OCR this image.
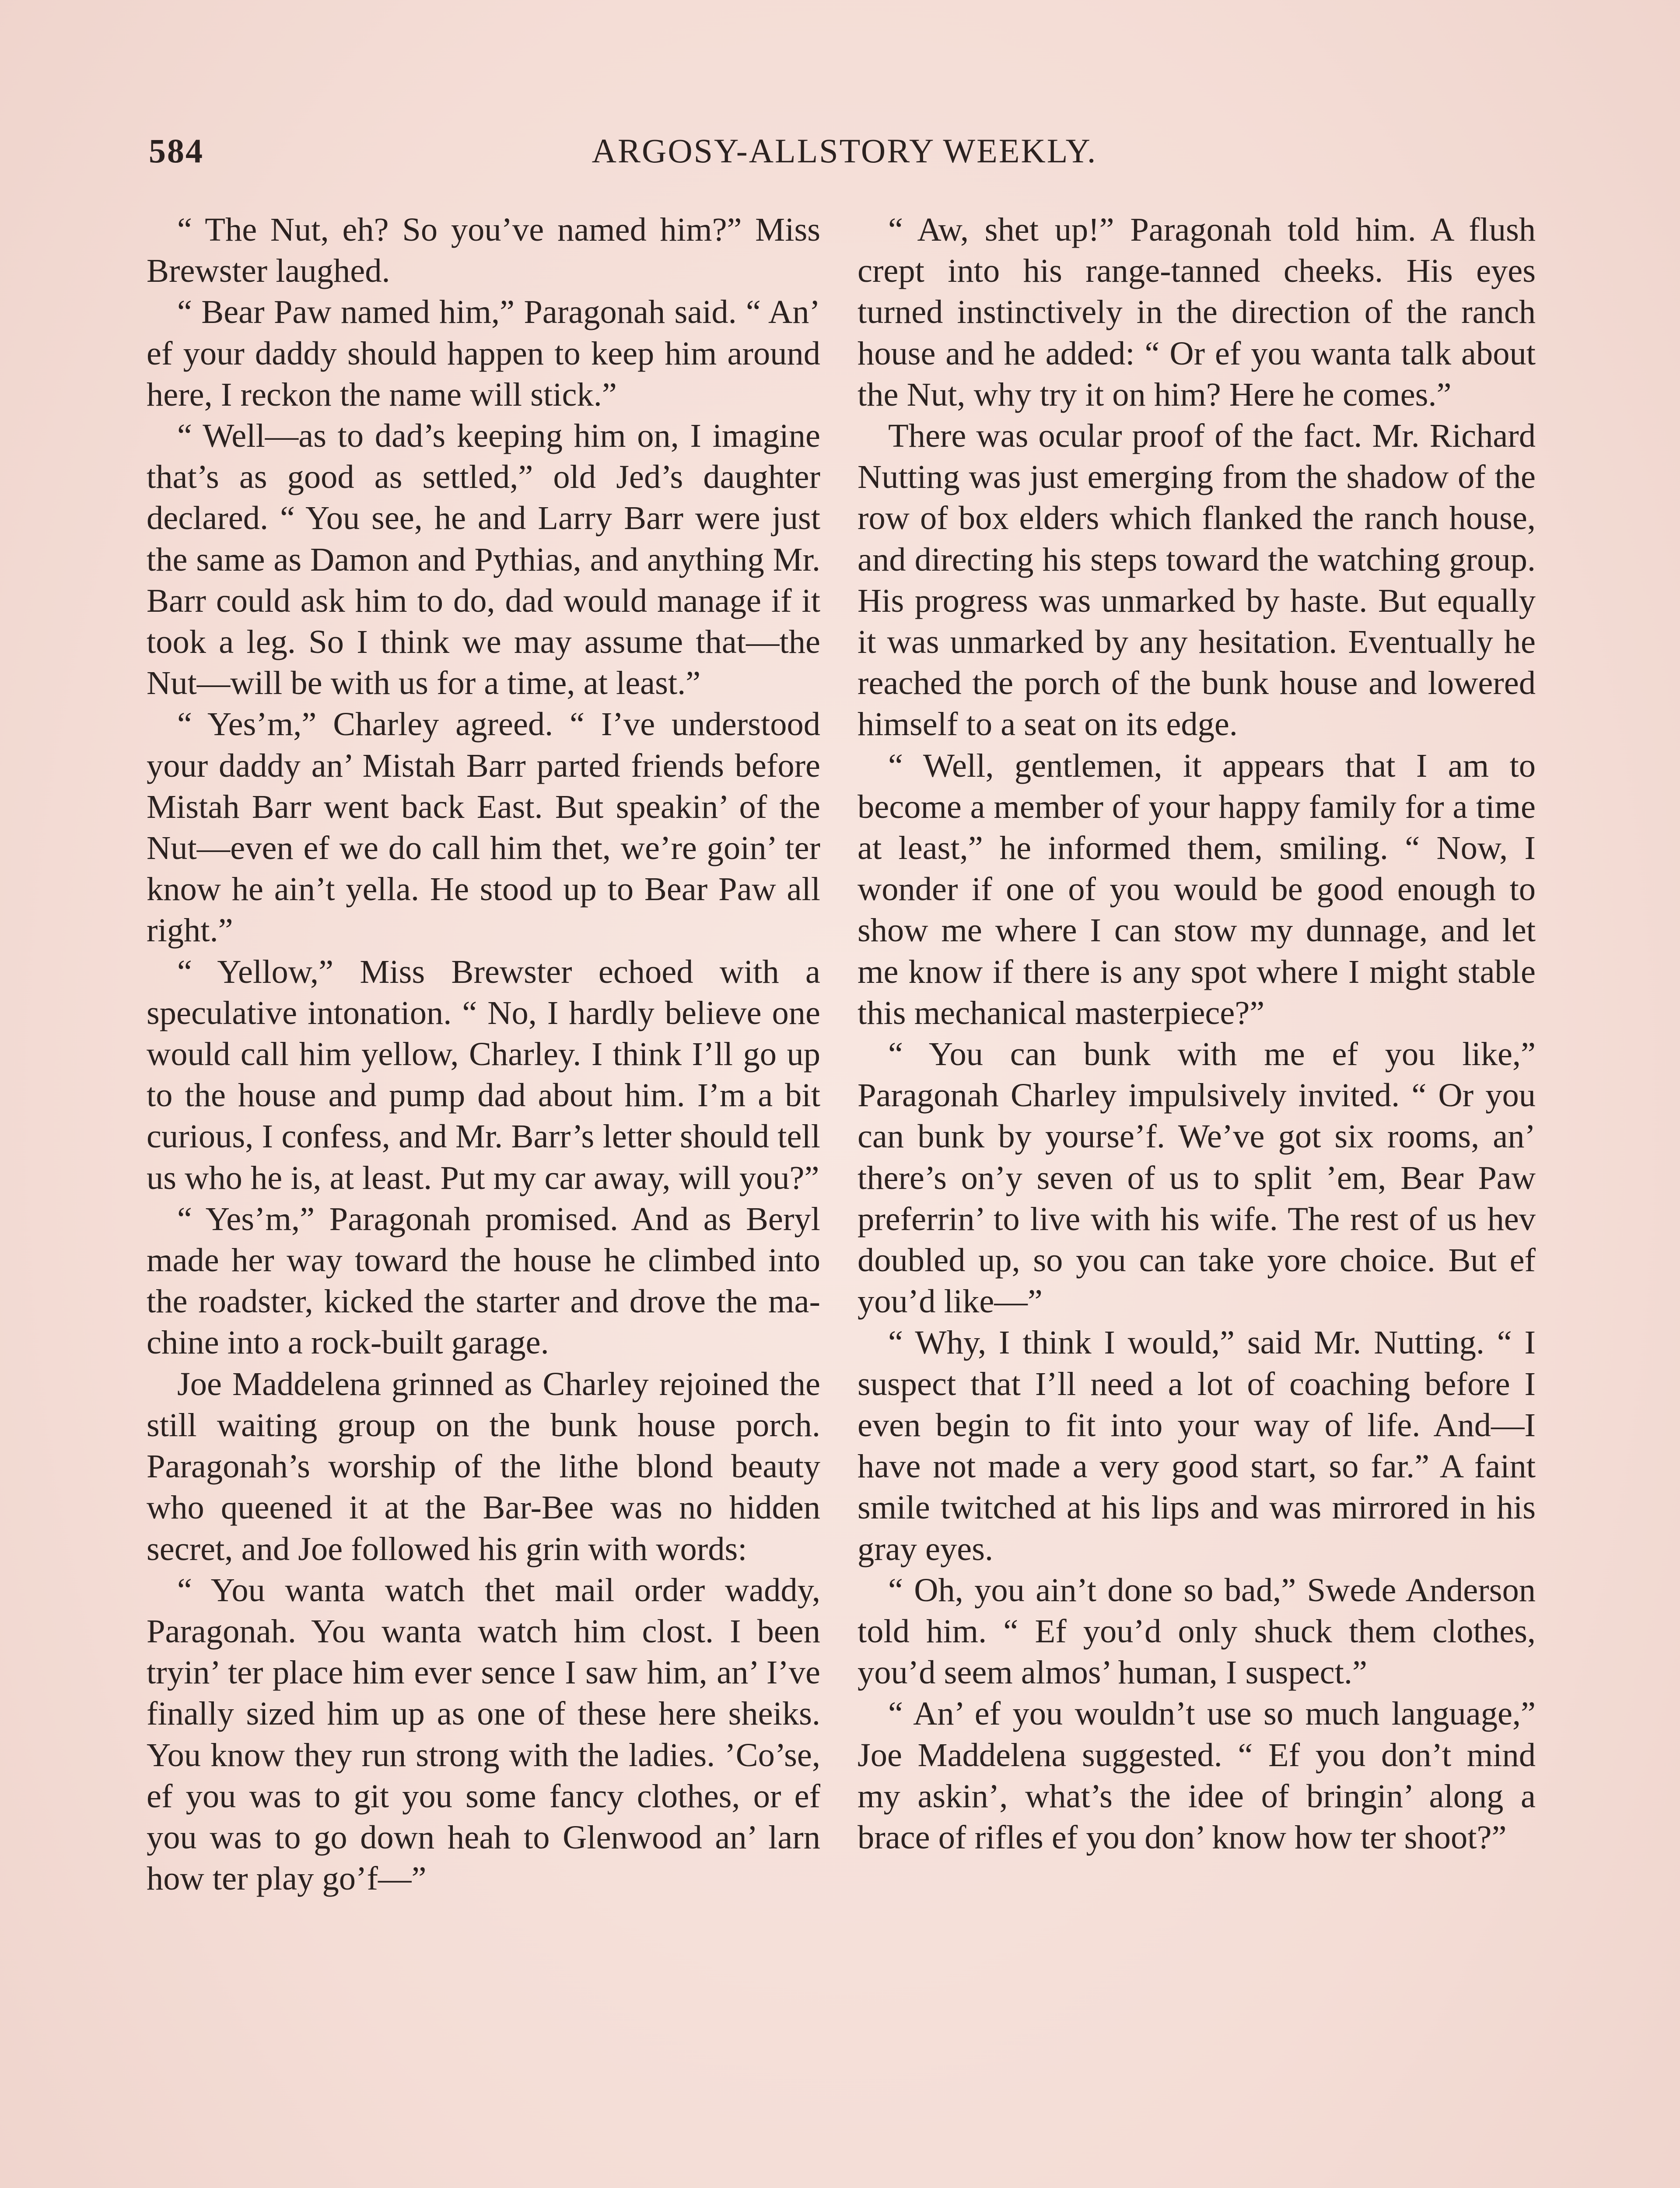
584	ARGOSY-ALLSTORY WEEKLY.

“ The Nut, eh? So you’ve named him?” Miss Brewster laughed.

“ Bear Paw named him,” Paragonah said. “ An’ ef your daddy should happen to keep him around here, I reckon the name will stick.”

“ Well—as to dad’s keeping him on, I imagine that’s as good as settled,” old Jed’s daughter declared. “ You see, he and Larry Barr were just the same as Damon and Pythias, and anything Mr. Barr could ask him to do, dad would manage if it took a leg. So I think we may assume that—the Nut—will be with us for a time, at least.”

“ Yes’m,” Charley agreed. “ I’ve understood your daddy an’ Mistah Barr parted friends before Mistah Barr went back East. But speakin’ of the Nut—even ef we do call him thet, we’re goin’ ter know he ain’t yella. He stood up to Bear Paw all right.”

“ Yellow,” Miss Brewster echoed with a speculative intonation. “ No, I hardly believe one would call him yellow, Charley. I think I’ll go up to the house and pump dad about him. I’m a bit curious, I confess, and Mr. Barr’s letter should tell us who he is, at least. Put my car away, will you?”

“ Yes’m,” Paragonah promised. And as Beryl made her way toward the house he climbed into the roadster, kicked the starter and drove the machine into a rock-built garage.

Joe Maddelena grinned as Charley rejoined the still waiting group on the bunk house porch. Paragonah’s worship of the lithe blond beauty who queened it at the Bar-Bee was no hidden secret, and Joe followed his grin with words:

“ You wanta watch thet mail order waddy, Paragonah. You wanta watch him clost. I been tryin’ ter place him ever sence I saw him, an’ I’ve finally sized him up as one of these here sheiks. You know they run strong with the ladies. ’Co’se, ef you was to git you some fancy clothes, or ef you was to go down heah to Glenwood an’ larn how ter play go’f—”

“ Aw, shet up!” Paragonah told him. A flush crept into his range-tanned cheeks. His eyes turned instinctively in the direction of the ranch house and he added: “ Or ef you wanta talk about the Nut, why try it on him? Here he comes.”

There was ocular proof of the fact. Mr. Richard Nutting was just emerging from the shadow of the row of box elders which flanked the ranch house, and directing his steps toward the watching group. His progress was unmarked by haste. But equally it was unmarked by any hesitation. Eventually he reached the porch of the bunk house and lowered himself to a seat on its edge.

“ Well, gentlemen, it appears that I am to become a member of your happy family for a time at least,” he informed them, smiling. “ Now, I wonder if one of you would be good enough to show me where I can stow my dunnage, and let me know if there is any spot where I might stable this mechanical masterpiece?”

“ You can bunk with me ef you like,” Paragonah Charley impulsively invited. “ Or you can bunk by yourse’f. We’ve got six rooms, an’ there’s on’y seven of us to split ’em, Bear Paw preferrin’ to live with his wife. The rest of us hev doubled up, so you can take yore choice. But ef you’d like—”

“ Why, I think I would,” said Mr. Nutting. “ I suspect that I’ll need a lot of coaching before I even begin to fit into your way of life. And—I have not made a very good start, so far.” A faint smile twitched at his lips and was mirrored in his gray eyes.

“ Oh, you ain’t done so bad,” Swede Anderson told him. “ Ef you’d only shuck them clothes, you’d seem almos’ human, I suspect.”

“ An’ ef you wouldn’t use so much language,” Joe Maddelena suggested. “ Ef you don’t mind my askin’, what’s the idee of bringin’ along a brace of rifles ef you don’ know how ter shoot?”
